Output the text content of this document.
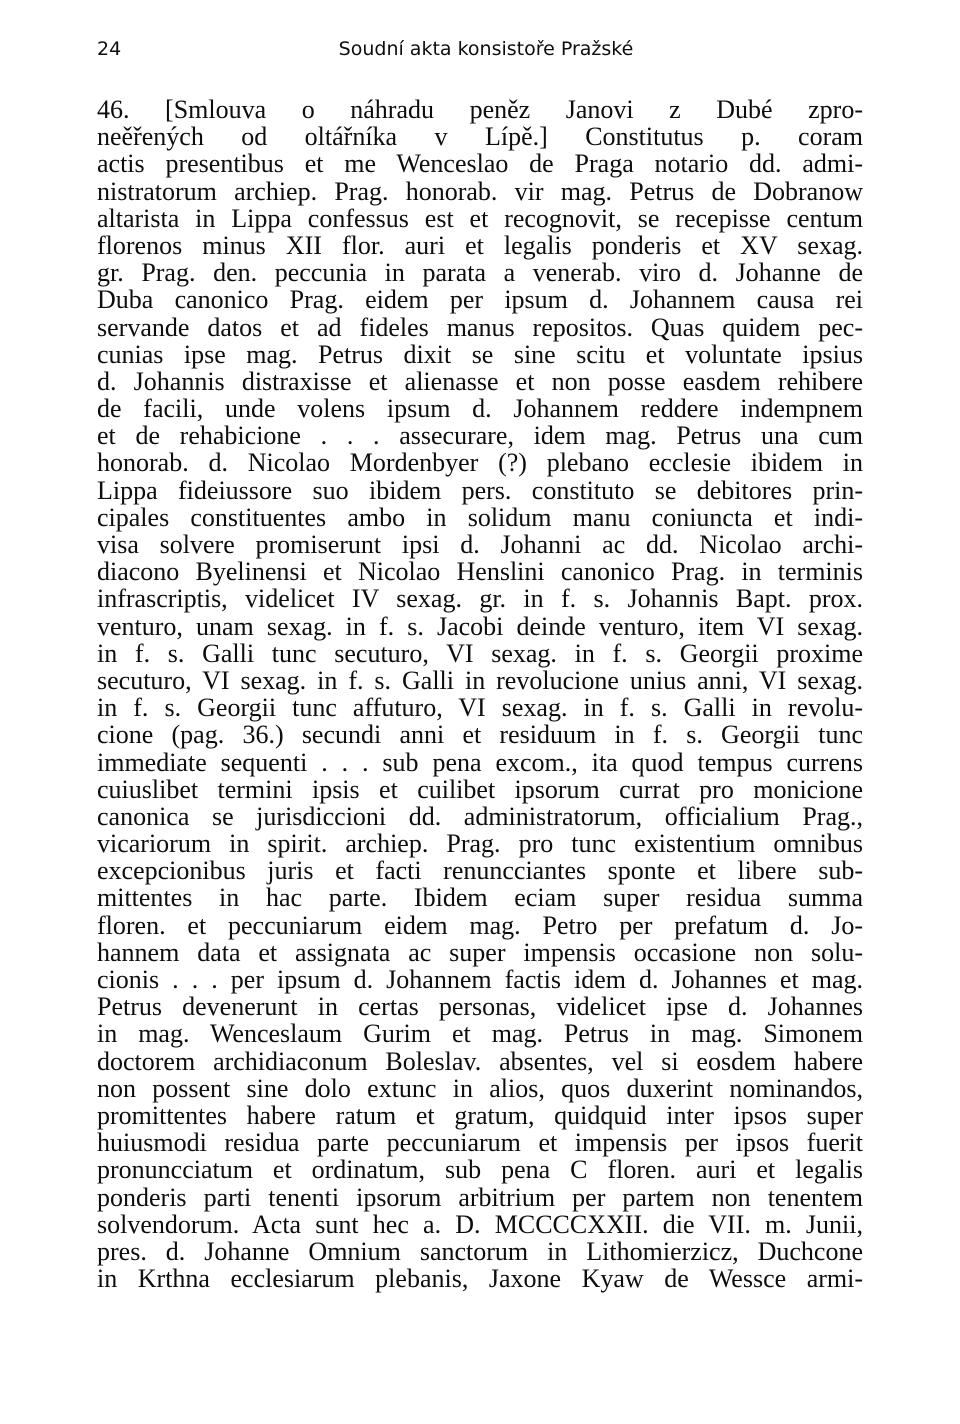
24	Soudní akta konsistoře Pražské
46. [Smlouva o náhradu peněz Janovi z Dubé zpro-
neěřených od oltářníka v Lípě.] Constitutus p. coram
actis presentibus et me Wenceslao de Praga notario dd. admi-
nistratorum archiep. Prag. honorab. vir mag. Petrus de Dobranow
altarista in Lippa confessus est et recognovit, se recepisse centum
florenos minus XII flor. auri et legalis ponderis et XV sexag.
gr. Prag. den. peccunia in parata a venerab. viro d. Johanne de
Duba canonico Prag. eidem per ipsum d. Johannem causa rei
servande datos et ad fideles manus repositos. Quas quidem pec-
cunias ipse mag. Petrus dixit se sine scitu et voluntate ipsius
d. Johannis distraxisse et alienasse et non posse easdem rehibere
de facili, unde volens ipsum d. Johannem reddere indempnem
et de rehabicione . . . assecurare, idem mag. Petrus una cum
honorab. d. Nicolao Mordenbyer (?) plebano ecclesie ibidem in
Lippa fideiussore suo ibidem pers. constituto se debitores prin-
cipales constituentes ambo in solidum manu coniuncta et indi-
visa solvere promiserunt ipsi d. Johanni ac dd. Nicolao archi-
diacono Byelinensi et Nicolao Henslini canonico Prag. in terminis
infrascriptis, videlicet IV sexag. gr. in f. s. Johannis Bapt. prox.
venturo, unam sexag. in f. s. Jacobi deinde venturo, item VI sexag.
in f. s. Galli tunc secuturo, VI sexag. in f. s. Georgii proxime
secuturo, VI sexag. in f. s. Galli in revolucione unius anni, VI sexag.
in f. s. Georgii tunc affuturo, VI sexag. in f. s. Galli in revolu-
cione (pag. 36.) secundi anni et residuum in f. s. Georgii tunc
immediate sequenti . . . sub pena excom., ita quod tempus currens
cuiuslibet termini ipsis et cuilibet ipsorum currat pro monicione
canonica se jurisdiccioni dd. administratorum, officialium Prag.,
vicariorum in spirit. archiep. Prag. pro tunc existentium omnibus
excepcionibus juris et facti renuncciantes sponte et libere sub-
mittentes in hac parte. Ibidem eciam super residua summa
floren. et peccuniarum eidem mag. Petro per prefatum d. Jo-
hannem data et assignata ac super impensis occasione non solu-
cionis . . . per ipsum d. Johannem factis idem d. Johannes et mag.
Petrus devenerunt in certas personas, videlicet ipse d. Johannes
in mag. Wenceslaum Gurim et mag. Petrus in mag. Simonem
doctorem archidiaconum Boleslav. absentes, vel si eosdem habere
non possent sine dolo extunc in alios, quos duxerint nominandos,
promittentes habere ratum et gratum, quidquid inter ipsos super
huiusmodi residua parte peccuniarum et impensis per ipsos fuerit
pronuncciatum et ordinatum, sub pena C floren. auri et legalis
ponderis parti tenenti ipsorum arbitrium per partem non tenentem
solvendorum. Acta sunt hec a. D. MCCCCXXII. die VII. m. Junii,
pres. d. Johanne Omnium sanctorum in Lithomierzicz, Duchcone
in Krthna ecclesiarum plebanis, Jaxone Kyaw de Wessce armi-
